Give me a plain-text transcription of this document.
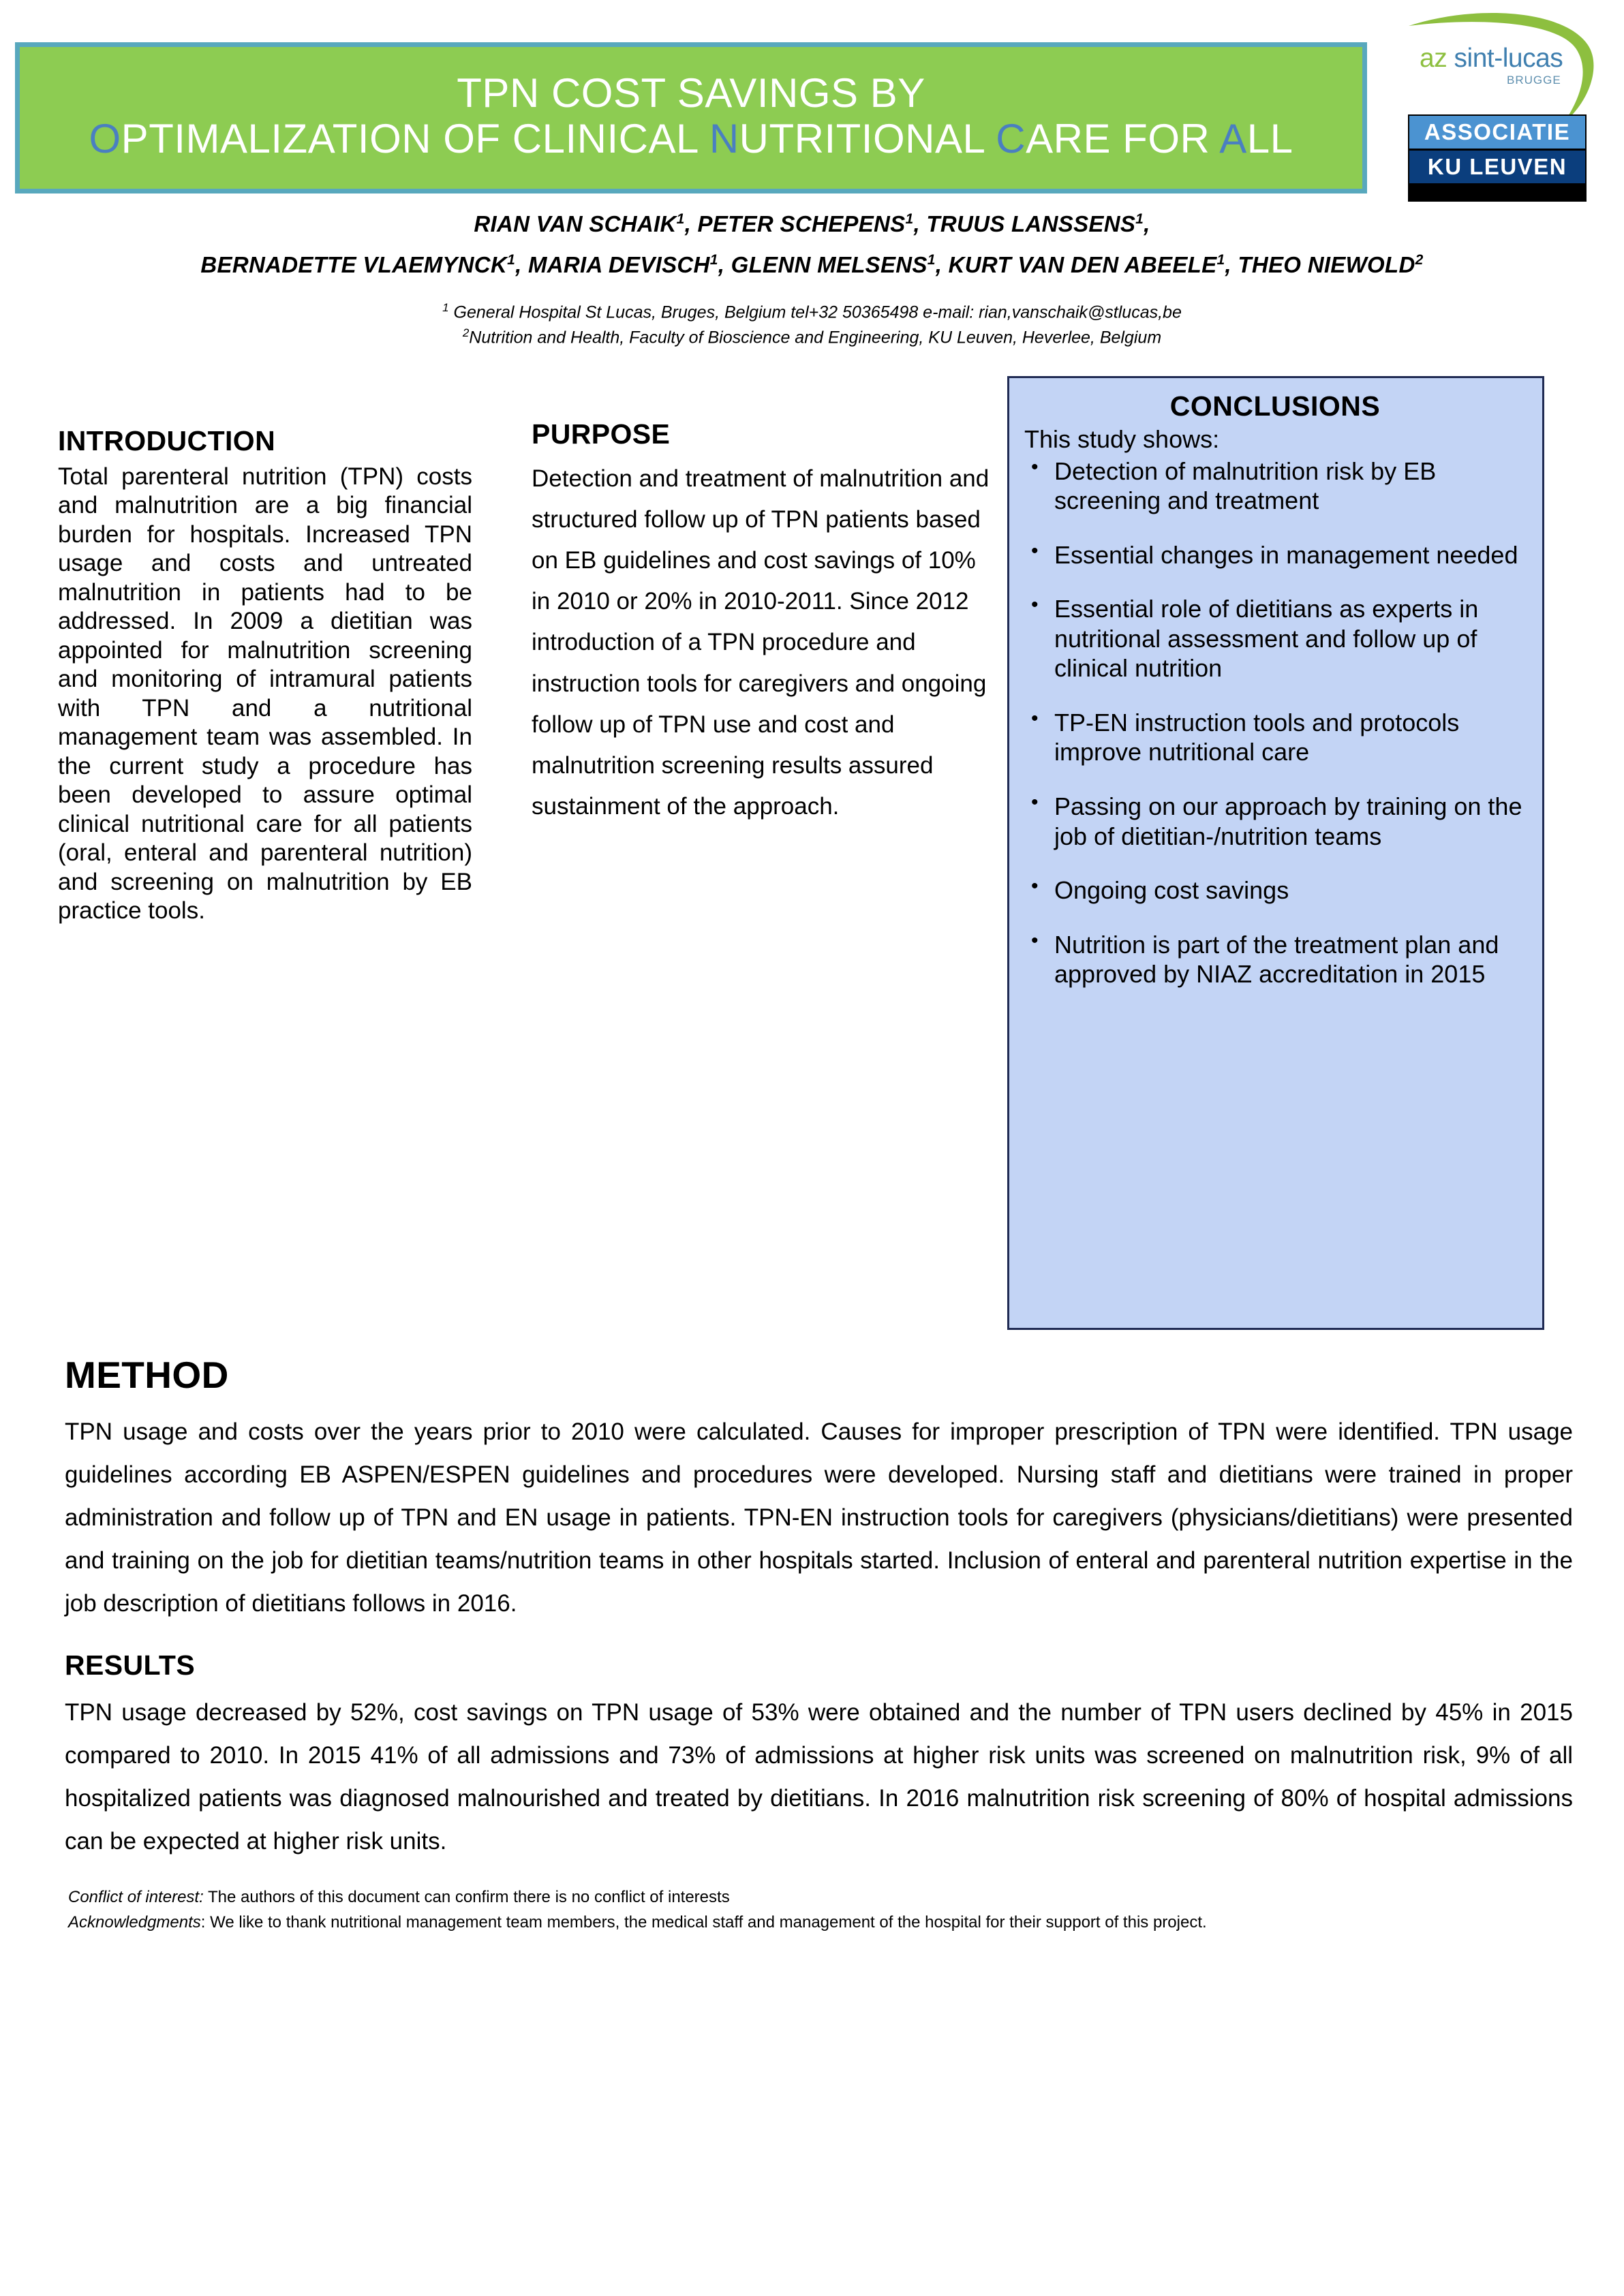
TPN COST SAVINGS BY
OPTIMALIZATION OF CLINICAL NUTRITIONAL CARE FOR ALL
az sint-lucas
BRUGGE
ASSOCIATIE
KU LEUVEN
RIAN VAN SCHAIK$^1$, PETER SCHEPENS$^1$, TRUUS LANSSENS$^1$,
BERNADETTE VLAEMYNCK$^1$, MARIA DEVISCH$^1$, GLENN MELSENS$^1$, KURT VAN DEN ABEELE$^1$, THEO NIEWOLD$^2$
$^1$ General Hospital St Lucas, Bruges, Belgium tel+32 50365498 e-mail: rian,vanschaik@stlucas,be
$^2$Nutrition and Health, Faculty of Bioscience and Engineering, KU Leuven, Heverlee, Belgium
INTRODUCTION
Total parenteral nutrition (TPN) costs and malnutrition are a big financial burden for hospitals. Increased TPN usage and costs and untreated malnutrition in patients had to be addressed. In 2009 a dietitian was appointed for malnutrition screening and monitoring of intramural patients with TPN and a nutritional management team was assembled. In the current study a procedure has been developed to assure optimal clinical nutritional care for all patients (oral, enteral and parenteral nutrition) and screening on malnutrition by EB practice tools.
PURPOSE
Detection and treatment of malnutrition and structured follow up of TPN patients based on EB guidelines and cost savings of 10% in 2010 or 20% in 2010-2011. Since 2012 introduction of a TPN procedure and instruction tools for caregivers and ongoing follow up of TPN use and cost and malnutrition screening results assured sustainment of the approach.
CONCLUSIONS
This study shows:
• Detection of malnutrition risk by EB screening and treatment
• Essential changes in management needed
• Essential role of dietitians as experts in nutritional assessment and follow up of clinical nutrition
• TP-EN instruction tools and protocols improve nutritional care
• Passing on our approach by training on the job of dietitian-/nutrition teams
• Ongoing cost savings
• Nutrition is part of the treatment plan and approved by NIAZ accreditation in 2015
METHOD
TPN usage and costs over the years prior to 2010 were calculated. Causes for improper prescription of TPN were identified. TPN usage guidelines according EB ASPEN/ESPEN guidelines and procedures were developed. Nursing staff and dietitians were trained in proper administration and follow up of TPN and EN usage in patients. TPN-EN instruction tools for caregivers (physicians/dietitians) were presented and training on the job for dietitian teams/nutrition teams in other hospitals started. Inclusion of enteral and parenteral nutrition expertise in the job description of dietitians follows in 2016.
RESULTS
TPN usage decreased by 52%, cost savings on TPN usage of 53% were obtained and the number of TPN users declined by 45% in 2015 compared to 2010. In 2015 41% of all admissions and 73% of admissions at higher risk units was screened on malnutrition risk, 9% of all hospitalized patients was diagnosed malnourished and treated by dietitians. In 2016 malnutrition risk screening of 80% of hospital admissions can be expected at higher risk units.
Conflict of interest: The authors of this document can confirm there is no conflict of interests
Acknowledgments: We like to thank nutritional management team members, the medical staff and management of the hospital for their support of this project.
